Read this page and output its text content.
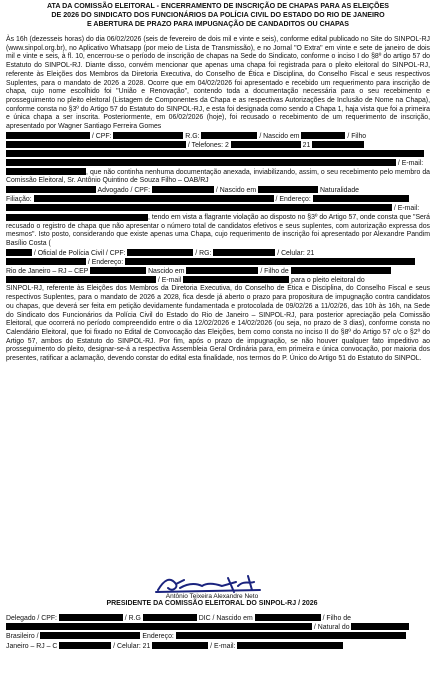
ATA DA COMISSÃO ELEITORAL - ENCERRAMENTO DE INSCRIÇÃO DE CHAPAS PARA AS ELEIÇÕES
DE 2026 DO SINDICATO DOS FUNCIONÁRIOS DA POLÍCIA CIVIL DO ESTADO DO RIO DE JANEIRO
E ABERTURA DE PRAZO PARA IMPUGNAÇÃO DE CANDADITOS OU CHAPAS
Às 16h (dezesseis horas) do dia 06/02/2026 (seis de fevereiro de dois mil e vinte e seis), conforme edital publicado no Site do SINPOL-RJ (www.sinpol.org.br), no Aplicativo Whatsapp (por meio de Lista de Transmissão), e no Jornal "O Extra" em vinte e sete de janeiro de dois mil e vinte e seis, à fl. 10, encerrou-se o período de inscrição de chapas na Sede do Sindicato, conforme o inciso I do §8º do artigo 57 do Estatuto do SINPOL-RJ. Diante disso, convém mencionar que apenas uma chapa foi registrada para o pleito eleitoral do SINPOL-RJ, referente às Eleições dos Membros da Diretoria Executiva, do Conselho de Ética e Disciplina, do Conselho Fiscal e seus respectivos Suplentes, para o mandato de 2026 a 2028. Ocorre que em 04/02/2026 foi apresentado e recebido um requerimento para inscrição de chapa, cujo nome escolhido foi "União e Renovação", contendo toda a documentação necessária para o seu recebimento e prosseguimento no pleito eleitoral (Listagem de Componentes da Chapa e as respectivas Autorizações de Inclusão de Nome na Chapa), conforme consta no §3º do Artigo 57 do Estatuto do SINPOL-RJ, e esta foi designada como sendo a Chapa 1, haja vista que foi a primeira e única chapa a ser inscrita. Posteriormente, em 06/02/2026 (hoje), foi recusado o recebimento de um requerimento de inscrição, apresentado por Wagner Santiago Ferreira Gomes
/ CPF:	R.G:	/ Nascido em	/ Filho
/ Telefones: 2	21
/ E-mail:
, que não continha nenhuma documentação anexada, inviabilizando, assim, o seu recebimento pelo membro da Comissão Eleitoral, Sr. Antônio Quintino de Souza Filho – OAB/RJ
Advogado / CPF:	/ Nascido em	Naturalidade
Filiação:	/ Endereço:
/ E-mail:
, tendo em vista a flagrante violação ao disposto no §3º do Artigo 57, onde consta que "Será recusado o registro de chapa que não apresentar o número total de candidatos efetivos e seus suplentes, com autorização expressa dos mesmos". Isto posto, considerando que existe apenas uma Chapa, cujo requerimento de inscrição foi apresentado por Alexandre Pandim Basílio Costa (
/ Oficial de Polícia Civil / CPF:	/ RG:	/ Celular: 21
/ Endereço:
Rio de Janeiro – RJ – CEP	Nascido em	/ Filho de
/ E-mail	para o pleito eleitoral do
SINPOL-RJ, referente às Eleições dos Membros da Diretoria Executiva, do Conselho de Ética e Disciplina, do Conselho Fiscal e seus respectivos Suplentes, para o mandato de 2026 a 2028, fica desde já aberto o prazo para propositura de impugnação contra candidatos ou chapas, que deverá ser feita em petição devidamente fundamentada e protocolada de 09/02/26 a 11/02/26, das 10h às 16h, na Sede do Sindicato dos Funcionários da Polícia Civil do Estado do Rio de Janeiro – SINPOL-RJ, para posterior apreciação pela Comissão Eleitoral, que ocorrerá no período compreendido entre o dia 12/02/2026 e 14/02/2026 (ou seja, no prazo de 3 dias), conforme consta no Calendário Eleitoral, que foi fixado no Edital de Convocação das Eleições, bem como consta no inciso II do §8º do Artigo 57 c/c o §2º do Artigo 57, ambos do Estatuto do SINPOL-RJ. Por fim, após o prazo de impugnação, se não houver qualquer fato impeditivo ao prosseguimento do pleito, designar-se-á a respectiva Assembleia Geral Ordinária para, em primeira e única convocação, por maioria dos presentes, ratificar a aclamação, devendo constar do edital esta finalidade, nos termos do P. Único do Artigo 51 do Estatuto do SINPOL.
Antônio Teixeira Alexandre Neto
PRESIDENTE DA COMISSÃO ELEITORAL DO SINPOL-RJ / 2026
Delegado / CPF:	/ R.G	DIC / Nascido em	/ Filho de
/ Natural do
Brasileiro /	Endereço:
Janeiro – RJ – C	/ Celular: 21	/ E-mail:
